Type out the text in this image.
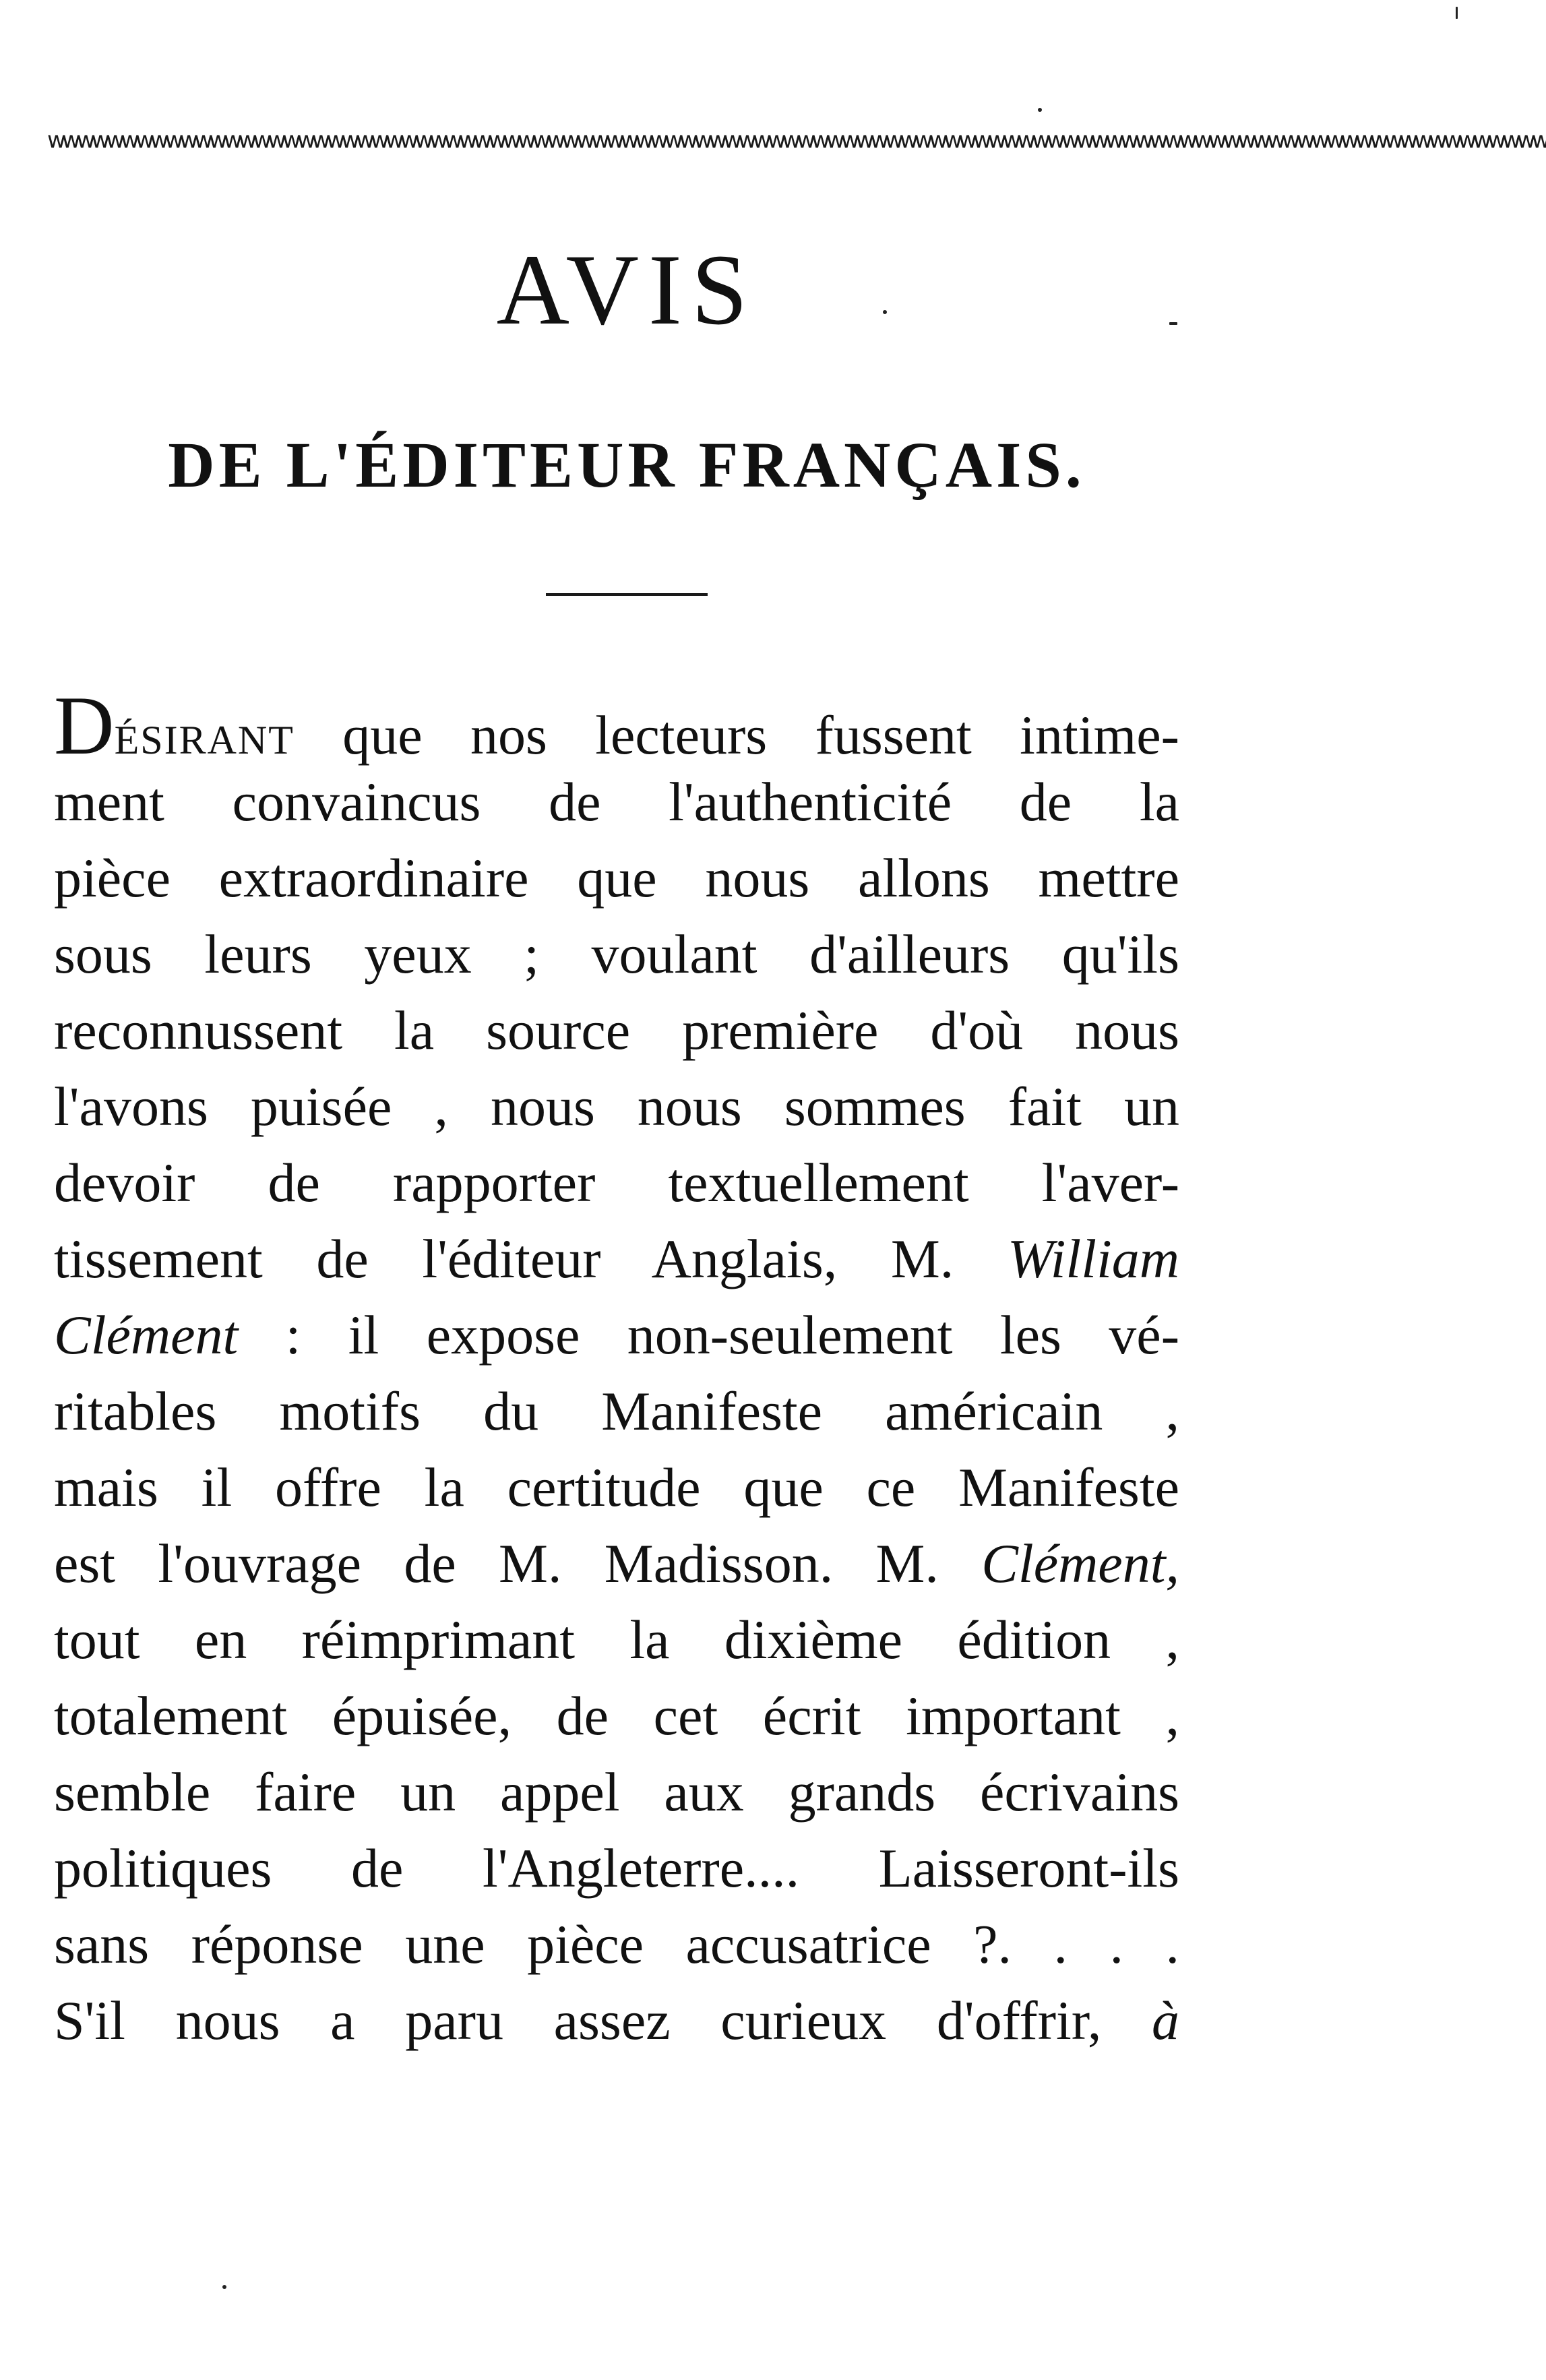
wwwwwwwwwwwwwwwwwwwwwwwwwwwwwwwwwwwwwwwwwwwwwwwwwwwwwwwwwwwwwwwwwwwwwwwwwwwwwwwwwwwwwwwwwwwwwwwwwwwwww
AVIS
DE L'ÉDITEUR FRANÇAIS.
DÉSIRANT que nos lecteurs fussent intime-
ment convaincus de l'authenticité de la
pièce extraordinaire que nous allons mettre
sous leurs yeux ; voulant d'ailleurs qu'ils
reconnussent la source première d'où nous
l'avons puisée , nous nous sommes fait un
devoir de rapporter textuellement l'aver-
tissement de l'éditeur Anglais, M. William
Clément : il expose non-seulement les vé-
ritables motifs du Manifeste américain ,
mais il offre la certitude que ce Manifeste
est l'ouvrage de M. Madisson. M. Clément,
tout en réimprimant la dixième édition ,
totalement épuisée, de cet écrit important ,
semble faire un appel aux grands écrivains
politiques de l'Angleterre.... Laisseront-ils
sans réponse une pièce accusatrice ?. . . .
S'il nous a paru assez curieux d'offrir, à
